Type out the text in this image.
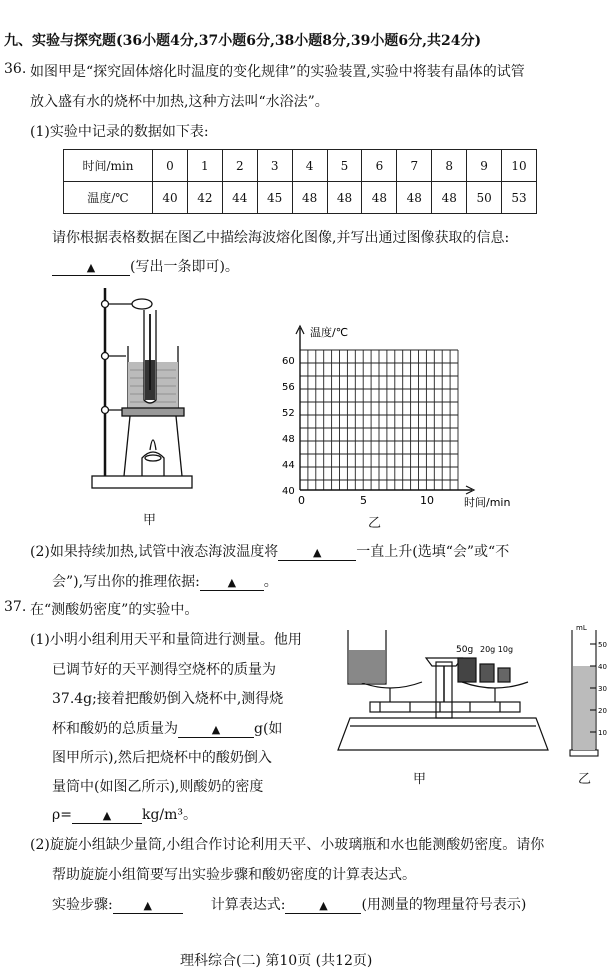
九、实验与探究题(36小题4分,37小题6分,38小题8分,39小题6分,共24分)
36. 如图甲是“探究固体熔化时温度的变化规律”的实验装置,实验中将装有晶体的试管
放入盛有水的烧杯中加热,这种方法叫“水浴法”。
(1)实验中记录的数据如下表:
时间/min	0	1	2	3	4	5	6	7	8	9	10
温度/℃	40	42	44	45	48	48	48	48	48	50	53
请你根据表格数据在图乙中描绘海波熔化图像,并写出通过图像获取的信息:
▲ (写出一条即可)。
甲
温度/℃
时间/min
40
44
48
52
56
60
0	5	10
乙
(2)如果持续加热,试管中液态海波温度将	▲ 一直上升(选填“会”或“不
会”),写出你的推理依据:	▲ 。
37. 在“测酸奶密度”的实验中。
(1)小明小组利用天平和量筒进行测量。他用
已调节好的天平测得空烧杯的质量为
37.4g;接着把酸奶倒入烧杯中,测得烧
杯和酸奶的总质量为	▲ g(如
图甲所示),然后把烧杯中的酸奶倒入
量筒中(如图乙所示),则酸奶的密度
ρ=	▲ kg/m³。
50g 20g 10g
甲
mL
50
40
30
20
10
乙
(2)旋旋小组缺少量筒,小组合作讨论利用天平、小玻璃瓶和水也能测酸奶密度。请你
帮助旋旋小组简要写出实验步骤和酸奶密度的计算表达式。
实验步骤:	▲	计算表达式:	▲ (用测量的物理量符号表示)
理科综合(二) 第10页 (共12页)
